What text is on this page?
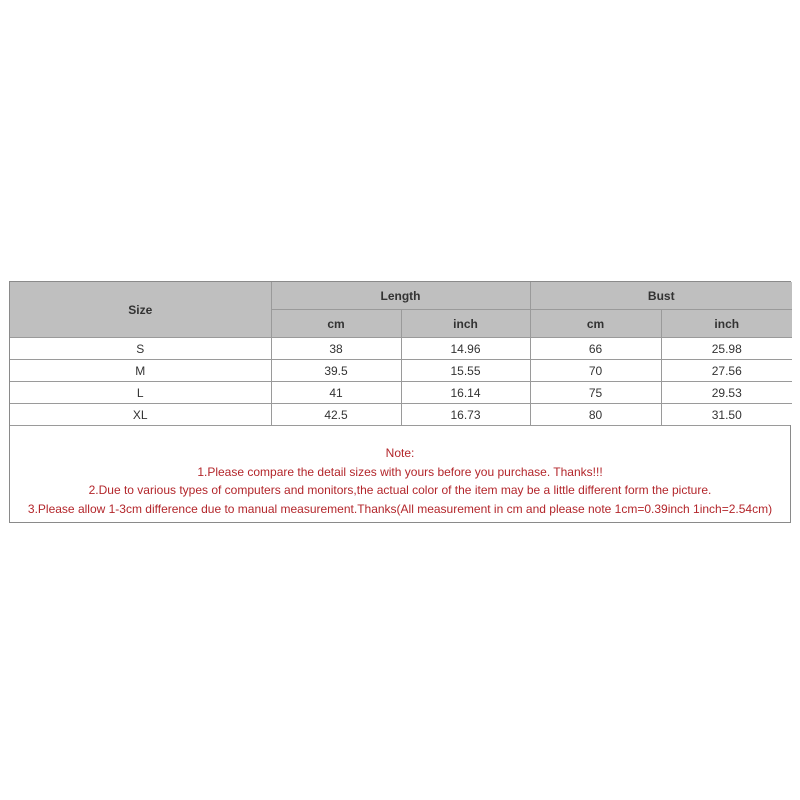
Size	Length		Bust	
	cm	inch	cm	inch
S	38	14.96	66	25.98
M	39.5	15.55	70	27.56
L	41	16.14	75	29.53
XL	42.5	16.73	80	31.50
Note:
1.Please compare the detail sizes with yours before you purchase. Thanks!!!
2.Due to various types of computers and monitors,the actual color of the item may be a little different form the picture.
3.Please allow 1-3cm difference due to manual measurement.Thanks(All measurement in cm and please note 1cm=0.39inch 1inch=2.54cm)
